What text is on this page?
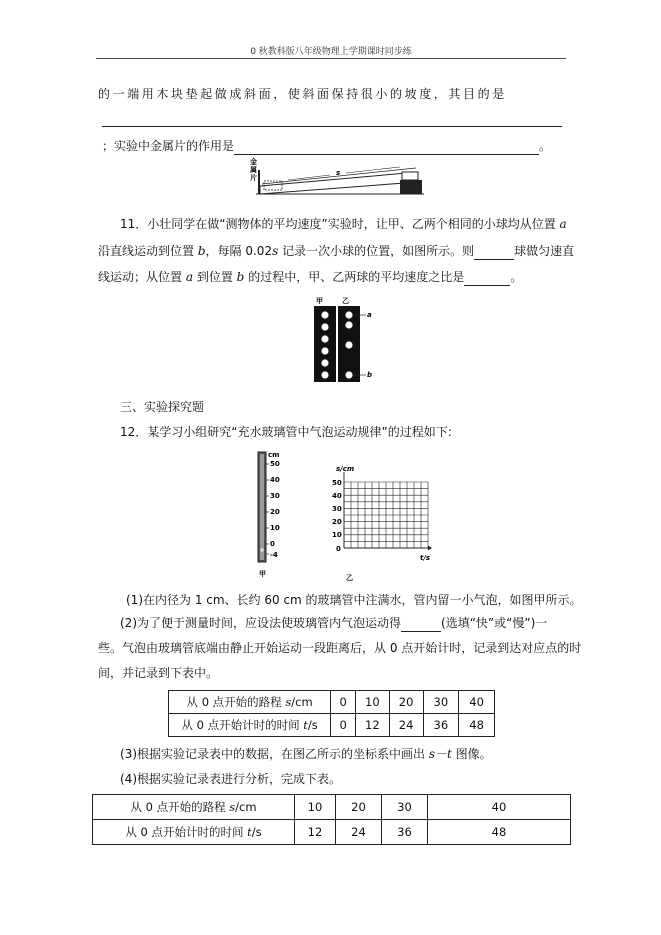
0 秋教科版八年级物理上学期课时同步练
的一端用木块垫起做成斜面，使斜面保持很小的坡度，其目的是
；实验中金属片的作用是	。
金
属
片
s
11．小壮同学在做“测物体的平均速度”实验时，让甲、乙两个相同的小球均从位置 a
沿直线运动到位置 b，每隔 0.02s 记录一次小球的位置，如图所示。则	球做匀速直
线运动；从位置 a 到位置 b 的过程中，甲、乙两球的平均速度之比是	。
甲	乙
a
b
三、实验探究题
12．某学习小组研究“充水玻璃管中气泡运动规律”的过程如下:
cm
50
40
30
20
10
0
-4
甲
s/cm
50
40
30
20
10
0
t/s
乙
(1)在内径为 1 cm、长约 60 cm 的玻璃管中注满水，管内留一小气泡，如图甲所示。
(2)为了便于测量时间，应设法使玻璃管内气泡运动得	(选填“快”或“慢”)一
些。气泡由玻璃管底端由静止开始运动一段距离后，从 0 点开始计时，记录到达对应点的时
间，并记录到下表中。
从 0 点开始的路程 s/cm	0	10	20	30	40
从 0 点开始计时的时间 t/s	0	12	24	36	48
(3)根据实验记录表中的数据，在图乙所示的坐标系中画出 s－t 图像。
(4)根据实验记录表进行分析，完成下表。
从 0 点开始的路程 s/cm	10	20	30	40
从 0 点开始计时的时间 t/s	12	24	36	48
